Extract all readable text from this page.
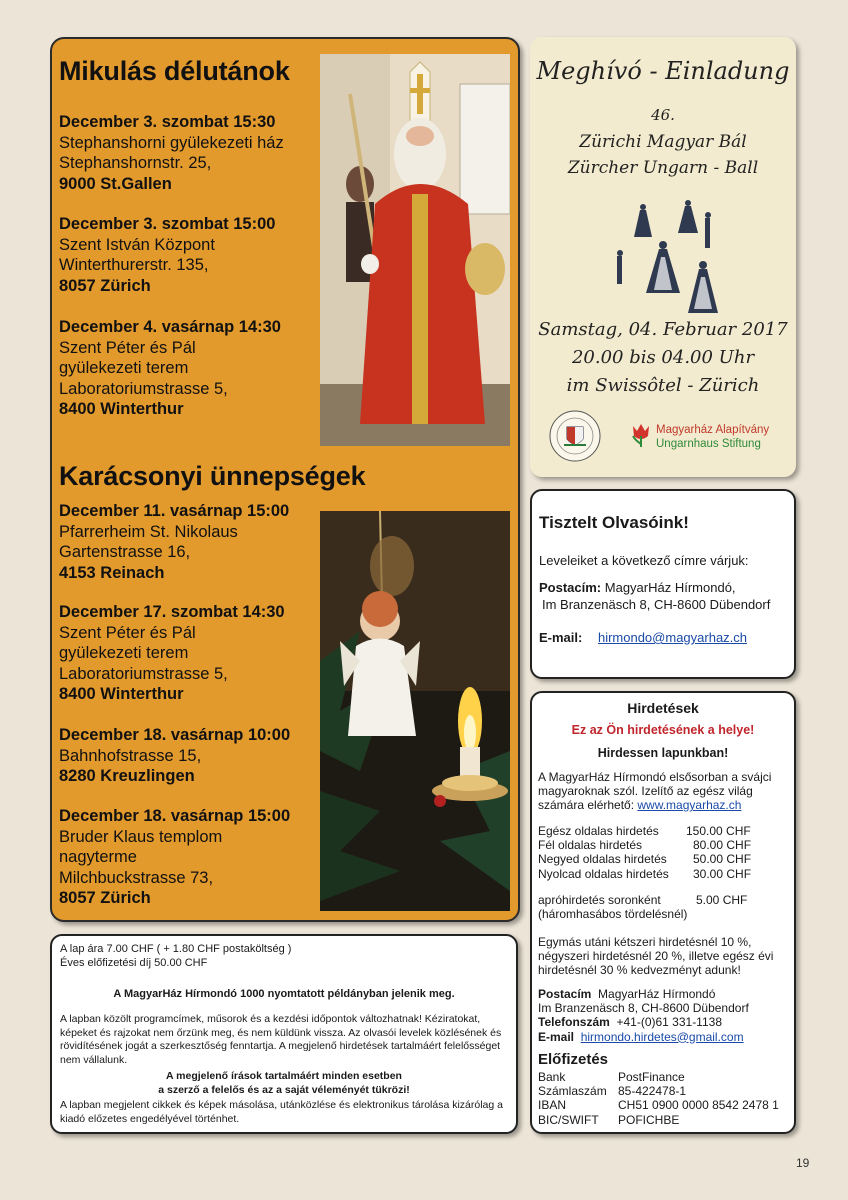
Mikulás délutánok
December 3. szombat 15:30
Stephanshorni gyülekezeti ház
Stephanshornstr. 25,
9000 St.Gallen
December 3. szombat 15:00
Szent István Központ
Winterthurerstr. 135,
8057 Zürich
December 4. vasárnap 14:30
Szent Péter és Pál
gyülekezeti terem
Laboratoriumstrasse 5,
8400 Winterthur
Karácsonyi ünnepségek
December 11. vasárnap 15:00
Pfarrerheim St. Nikolaus
Gartenstrasse 16,
4153 Reinach
December 17. szombat 14:30
Szent Péter és Pál
gyülekezeti terem
Laboratoriumstrasse 5,
8400 Winterthur
December 18. vasárnap 10:00
Bahnhofstrasse 15,
8280 Kreuzlingen
December 18. vasárnap 15:00
Bruder Klaus templom
nagyterme
Milchbuckstrasse 73,
8057 Zürich
Meghívó - Einladung
46.
Zürichi Magyar Bál
Zürcher Ungarn - Ball
Samstag, 04. Februar 2017
20.00 bis 04.00 Uhr
im Swissôtel - Zürich
Magyarház Alapítvány
Ungarnhaus Stiftung
Tisztelt Olvasóink!
Leveleiket a következő címre várjuk:
Postacím: MagyarHáz Hírmondó,
Im Branzenäsch 8, CH-8600 Dübendorf
E-mail: hirmondo@magyarhaz.ch
Hirdetések
Ez az Ön hirdetésének a helye!
Hirdessen lapunkban!
A MagyarHáz Hírmondó elsősorban a svájci magyaroknak szól. Izelítő az egész világ számára elérhető: www.magyarhaz.ch
Egész oldalas hirdetés	150.00 CHF
Fél oldalas hirdetés	80.00 CHF
Negyed oldalas hirdetés	50.00 CHF
Nyolcad oldalas hirdetés	30.00 CHF
apróhirdetés soronként	5.00 CHF
(háromhasábos tördelésnél)
Egymás utáni kétszeri hirdetésnél 10 %, négyszeri hirdetésnél 20 %, illetve egész évi hirdetésnél 30 % kedvezményt adunk!
Postacím MagyarHáz Hírmondó
Im Branzenäsch 8, CH-8600 Dübendorf
Telefonszám +41-(0)61 331-1138
E-mail hirmondo.hirdetes@gmail.com
Előfizetés
Bank	PostFinance
Számlaszám 85-422478-1
IBAN	CH51 0900 0000 8542 2478 1
BIC/SWIFT	POFICHBE
A lap ára 7.00 CHF ( + 1.80 CHF postaköltség )
Éves előfizetési díj 50.00 CHF
A MagyarHáz Hírmondó 1000 nyomtatott példányban jelenik meg.
A lapban közölt programcímek, műsorok és a kezdési időpontok változhatnak! Kéziratokat, képeket és rajzokat nem őrzünk meg, és nem küldünk vissza. Az olvasói levelek közlésének és rövidítésének jogát a szerkesztőség fenntartja. A megjelenő hirdetések tartalmáért felelősséget nem vállalunk.
A megjelenő írások tartalmáért minden esetben
a szerző a felelős és az a saját véleményét tükrözi!
A lapban megjelent cikkek és képek másolása, utánközlése és elektronikus tárolása kizárólag a kiadó előzetes engedélyével történhet.
19
